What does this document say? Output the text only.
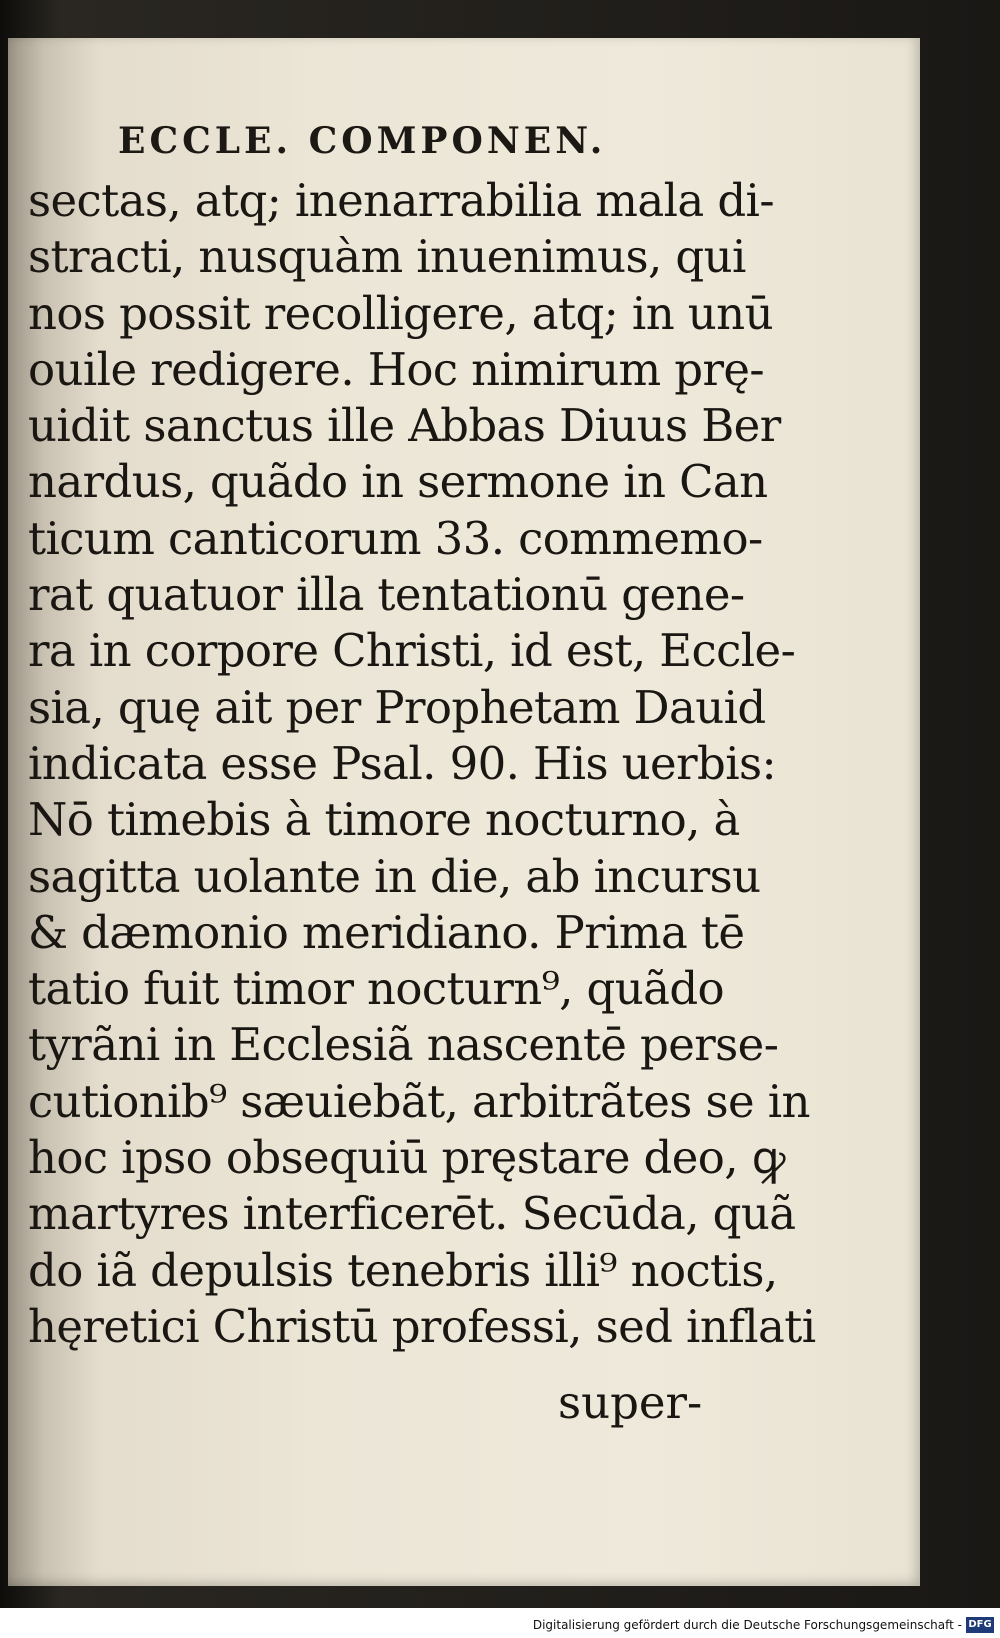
ECCLE. COMPONEN.
sectas, atq; inenarrabilia mala di-
stracti, nusquàm inuenimus, qui
nos possit recolligere, atq; in unū
ouile redigere. Hoc nimirum prę-
uidit sanctus ille Abbas Diuus Ber
nardus, quãdo in sermone in Can
ticum canticorum 33. commemo-
rat quatuor illa tentationū gene-
ra in corpore Christi, id est, Eccle-
sia, quę ait per Prophetam Dauid
indicata esse Psal. 90. His uerbis:
Nō timebis à timore nocturno, à
sagitta uolante in die, ab incursu
& dæmonio meridiano. Prima tē
tatio fuit timor nocturn⁹, quãdo
tyrãni in Ecclesiã nascentē perse-
cutionib⁹ sæuiebãt, arbitrãtes se in
hoc ipso obsequiū pręstare deo, ꝙ
martyres interficerēt. Secūda, quã
do iã depulsis tenebris illi⁹ noctis,
hęretici Christū professi, sed inflati
super-
Digitalisierung gefördert durch die Deutsche Forschungsgemeinschaft - DFG
